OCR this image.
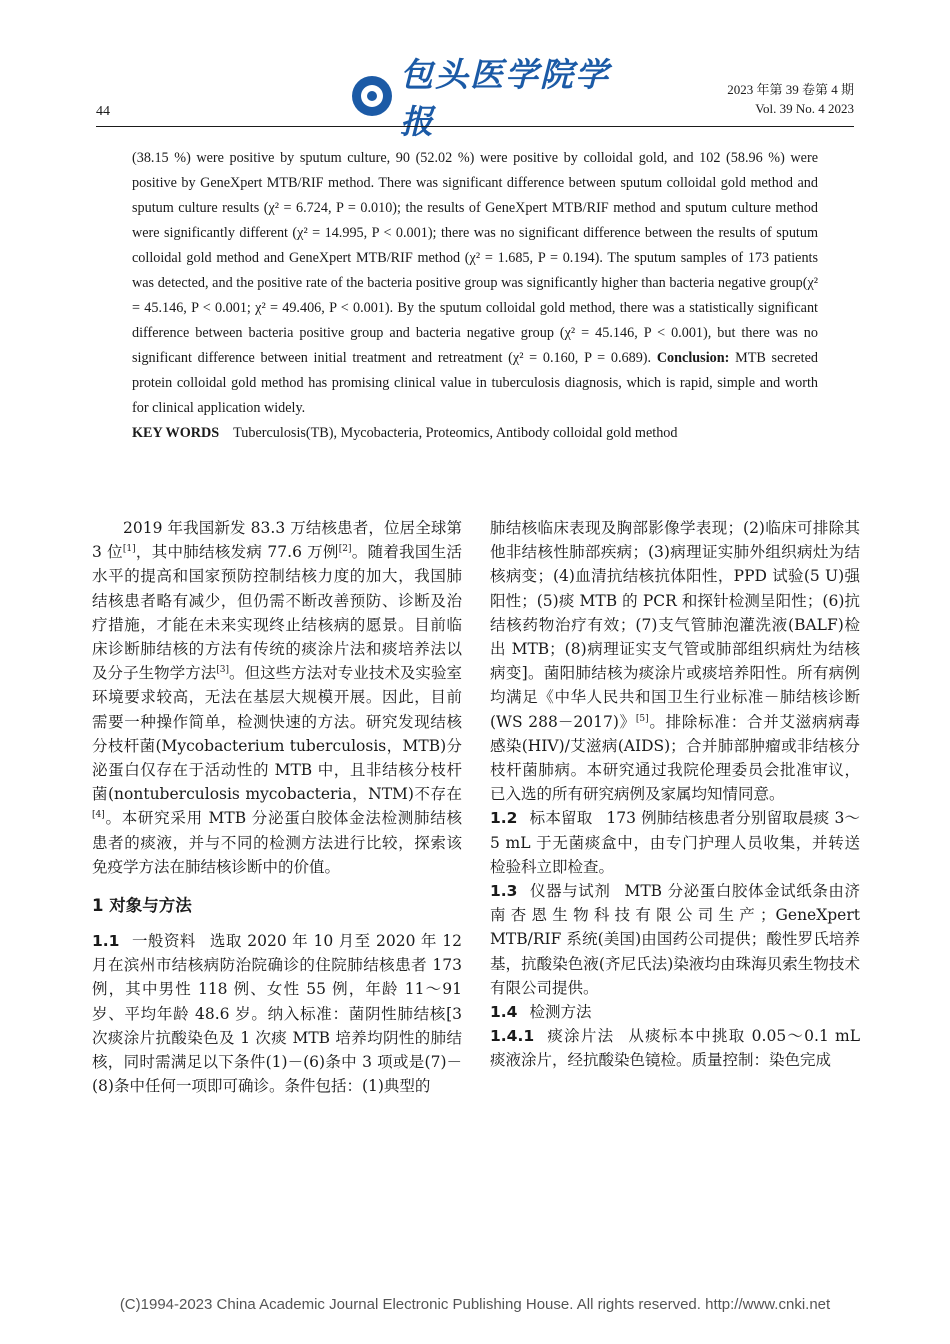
44
包头医学院学报
2023 年第 39 卷第 4 期
Vol. 39 No. 4 2023

(38.15 %) were positive by sputum culture, 90 (52.02 %) were positive by colloidal gold, and 102 (58.96 %) were positive by GeneXpert MTB/RIF method. There was significant difference between sputum colloidal gold method and sputum culture results (χ² = 6.724, P = 0.010); the results of GeneXpert MTB/RIF method and sputum culture method were significantly different (χ² = 14.995, P < 0.001); there was no significant difference between the results of sputum colloidal gold method and GeneXpert MTB/RIF method (χ² = 1.685, P = 0.194). The sputum samples of 173 patients was detected, and the positive rate of the bacteria positive group was significantly higher than bacteria negative group(χ² = 45.146, P < 0.001; χ² = 49.406, P < 0.001). By the sputum colloidal gold method, there was a statistically significant difference between bacteria positive group and bacteria negative group (χ² = 45.146, P < 0.001), but there was no significant difference between initial treatment and retreatment (χ² = 0.160, P = 0.689). Conclusion: MTB secreted protein colloidal gold method has promising clinical value in tuberculosis diagnosis, which is rapid, simple and worth for clinical application widely.

KEY WORDS Tuberculosis(TB), Mycobacteria, Proteomics, Antibody colloidal gold method

2019 年我国新发 83.3 万结核患者，位居全球第 3 位[1]，其中肺结核发病 77.6 万例[2]。随着我国生活水平的提高和国家预防控制结核力度的加大，我国肺结核患者略有减少，但仍需不断改善预防、诊断及治疗措施，才能在未来实现终止结核病的愿景。目前临床诊断肺结核的方法有传统的痰涂片法和痰培养法以及分子生物学方法[3]。但这些方法对专业技术及实验室环境要求较高，无法在基层大规模开展。因此，目前需要一种操作简单，检测快速的方法。研究发现结核分枝杆菌(Mycobacterium tuberculosis，MTB)分泌蛋白仅存在于活动性的 MTB 中，且非结核分枝杆菌(nontuberculosis mycobacteria，NTM)不存在[4]。本研究采用 MTB 分泌蛋白胶体金法检测肺结核患者的痰液，并与不同的检测方法进行比较，探索该免疫学方法在肺结核诊断中的价值。

1 对象与方法

1.1 一般资料 选取 2020 年 10 月至 2020 年 12 月在滨州市结核病防治院确诊的住院肺结核患者 173 例，其中男性 118 例、女性 55 例，年龄 11～91 岁、平均年龄 48.6 岁。纳入标准：菌阴性肺结核[3 次痰涂片抗酸染色及 1 次痰 MTB 培养均阴性的肺结核，同时需满足以下条件(1)－(6)条中 3 项或是(7)－(8)条中任何一项即可确诊。条件包括：(1)典型的

肺结核临床表现及胸部影像学表现；(2)临床可排除其他非结核性肺部疾病；(3)病理证实肺外组织病灶为结核病变；(4)血清抗结核抗体阳性，PPD 试验(5 U)强阳性；(5)痰 MTB 的 PCR 和探针检测呈阳性；(6)抗结核药物治疗有效；(7)支气管肺泡灌洗液(BALF)检出 MTB；(8)病理证实支气管或肺部组织病灶为结核病变]。菌阳肺结核为痰涂片或痰培养阳性。所有病例均满足《中华人民共和国卫生行业标准－肺结核诊断(WS 288－2017)》[5]。排除标准：合并艾滋病病毒感染(HIV)/艾滋病(AIDS)；合并肺部肿瘤或非结核分枝杆菌肺病。本研究通过我院伦理委员会批准审议，已入选的所有研究病例及家属均知情同意。

1.2 标本留取 173 例肺结核患者分别留取晨痰 3～5 mL 于无菌痰盒中，由专门护理人员收集，并转送检验科立即检查。

1.3 仪器与试剂 MTB 分泌蛋白胶体金试纸条由济南杏恩生物科技有限公司生产；GeneXpert MTB/RIF 系统(美国)由国药公司提供；酸性罗氏培养基，抗酸染色液(齐尼氏法)染液均由珠海贝索生物技术有限公司提供。

1.4 检测方法

1.4.1 痰涂片法 从痰标本中挑取 0.05～0.1 mL 痰液涂片，经抗酸染色镜检。质量控制：染色完成

(C)1994-2023 China Academic Journal Electronic Publishing House. All rights reserved. http://www.cnki.net
